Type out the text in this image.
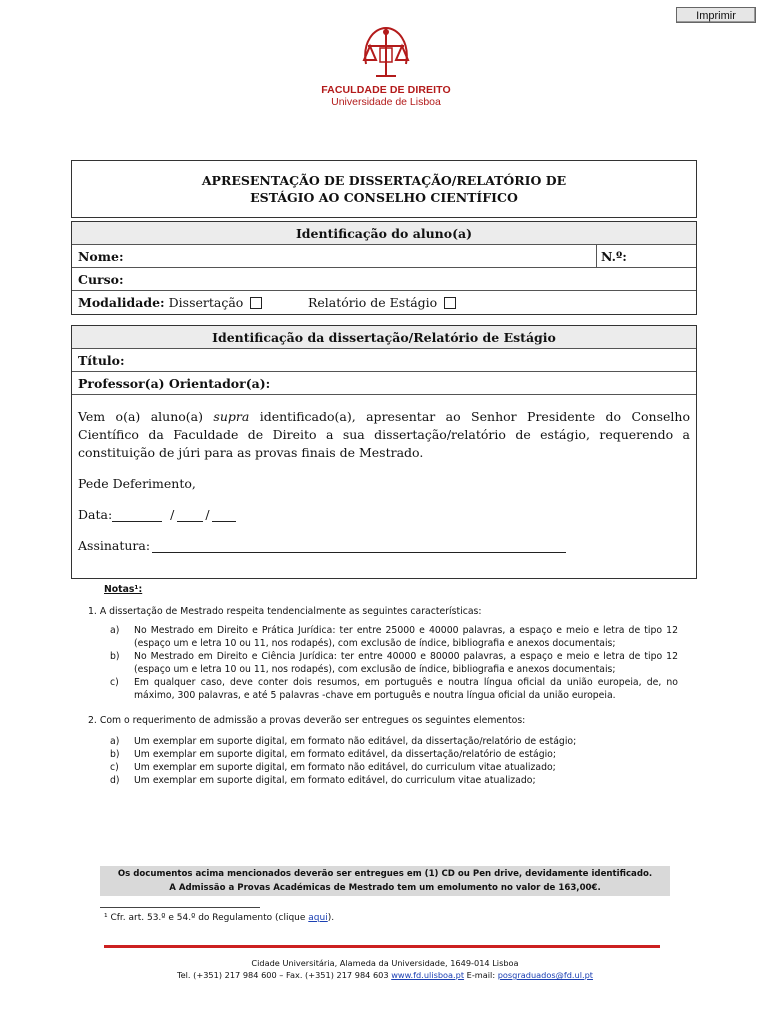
Imprimir
FACULDADE DE DIREITO
Universidade de Lisboa
APRESENTAÇÃO DE DISSERTAÇÃO/RELATÓRIO DE
ESTÁGIO AO CONSELHO CIENTÍFICO
Identificação do aluno(a)
Nome:	N.º:
Curso:
Modalidade: Dissertação	Relatório de Estágio
Identificação da dissertação/Relatório de Estágio
Título:
Professor(a) Orientador(a):
Vem o(a) aluno(a) supra identificado(a), apresentar ao Senhor Presidente do Conselho Científico da Faculdade de Direito a sua dissertação/relatório de estágio, requerendo a constituição de júri para as provas finais de Mestrado.
Pede Deferimento,
Data:	/ /
Assinatura:
Notas¹:
1. A dissertação de Mestrado respeita tendencialmente as seguintes características:
a)	No Mestrado em Direito e Prática Jurídica: ter entre 25000 e 40000 palavras, a espaço e meio e letra de tipo 12 (espaço um e letra 10 ou 11, nos rodapés), com exclusão de índice, bibliografia e anexos documentais;
b)	No Mestrado em Direito e Ciência Jurídica: ter entre 40000 e 80000 palavras, a espaço e meio e letra de tipo 12 (espaço um e letra 10 ou 11, nos rodapés), com exclusão de índice, bibliografia e anexos documentais;
c)	Em qualquer caso, deve conter dois resumos, em português e noutra língua oficial da união europeia, de, no máximo, 300 palavras, e até 5 palavras -chave em português e noutra língua oficial da união europeia.
2. Com o requerimento de admissão a provas deverão ser entregues os seguintes elementos:
a)	Um exemplar em suporte digital, em formato não editável, da dissertação/relatório de estágio;
b)	Um exemplar em suporte digital, em formato editável, da dissertação/relatório de estágio;
c)	Um exemplar em suporte digital, em formato não editável, do curriculum vitae atualizado;
d)	Um exemplar em suporte digital, em formato editável, do curriculum vitae atualizado;
Os documentos acima mencionados deverão ser entregues em (1) CD ou Pen drive, devidamente identificado.
A Admissão a Provas Académicas de Mestrado tem um emolumento no valor de 163,00€.
¹ Cfr. art. 53.º e 54.º do Regulamento (clique aqui).
Cidade Universitária, Alameda da Universidade, 1649-014 Lisboa
Tel. (+351) 217 984 600 – Fax. (+351) 217 984 603 www.fd.ulisboa.pt E-mail: posgraduados@fd.ul.pt
